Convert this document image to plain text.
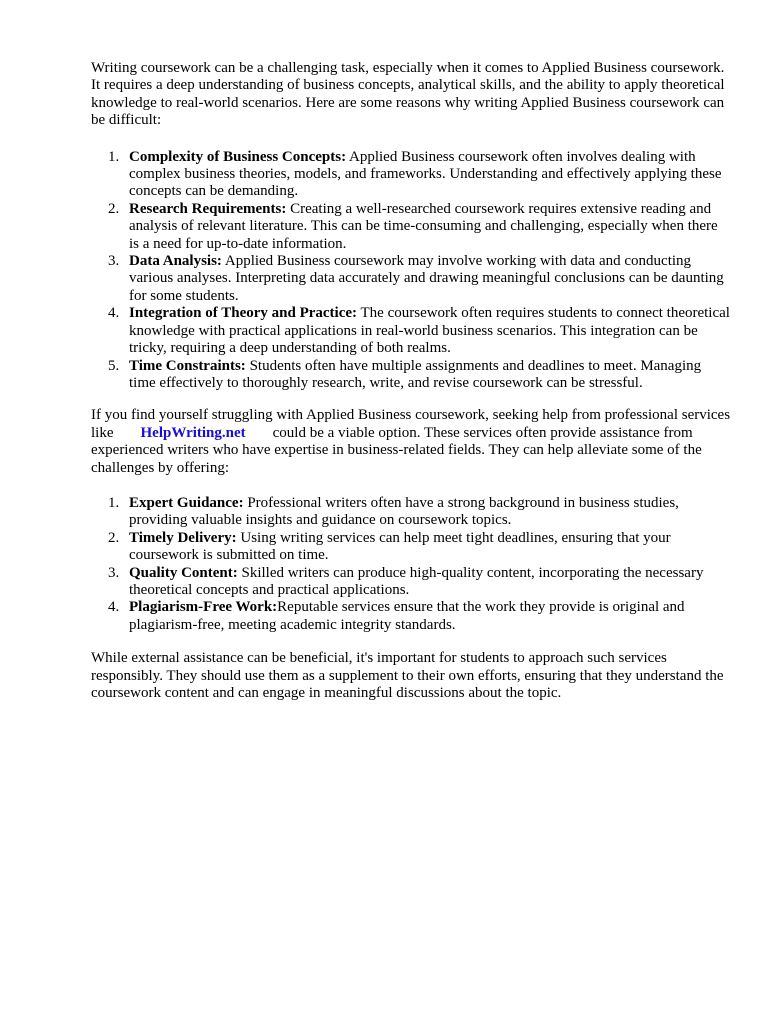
Writing coursework can be a challenging task, especially when it comes to Applied Business coursework. It requires a deep understanding of business concepts, analytical skills, and the ability to apply theoretical knowledge to real-world scenarios. Here are some reasons why writing Applied Business coursework can be difficult:

1. Complexity of Business Concepts: Applied Business coursework often involves dealing with complex business theories, models, and frameworks. Understanding and effectively applying these concepts can be demanding.
2. Research Requirements: Creating a well-researched coursework requires extensive reading and analysis of relevant literature. This can be time-consuming and challenging, especially when there is a need for up-to-date information.
3. Data Analysis: Applied Business coursework may involve working with data and conducting various analyses. Interpreting data accurately and drawing meaningful conclusions can be daunting for some students.
4. Integration of Theory and Practice: The coursework often requires students to connect theoretical knowledge with practical applications in real-world business scenarios. This integration can be tricky, requiring a deep understanding of both realms.
5. Time Constraints: Students often have multiple assignments and deadlines to meet. Managing time effectively to thoroughly research, write, and revise coursework can be stressful.

If you find yourself struggling with Applied Business coursework, seeking help from professional services like HelpWriting.net could be a viable option. These services often provide assistance from experienced writers who have expertise in business-related fields. They can help alleviate some of the challenges by offering:

1. Expert Guidance: Professional writers often have a strong background in business studies, providing valuable insights and guidance on coursework topics.
2. Timely Delivery: Using writing services can help meet tight deadlines, ensuring that your coursework is submitted on time.
3. Quality Content: Skilled writers can produce high-quality content, incorporating the necessary theoretical concepts and practical applications.
4. Plagiarism-Free Work:Reputable services ensure that the work they provide is original and plagiarism-free, meeting academic integrity standards.

While external assistance can be beneficial, it's important for students to approach such services responsibly. They should use them as a supplement to their own efforts, ensuring that they understand the coursework content and can engage in meaningful discussions about the topic.
